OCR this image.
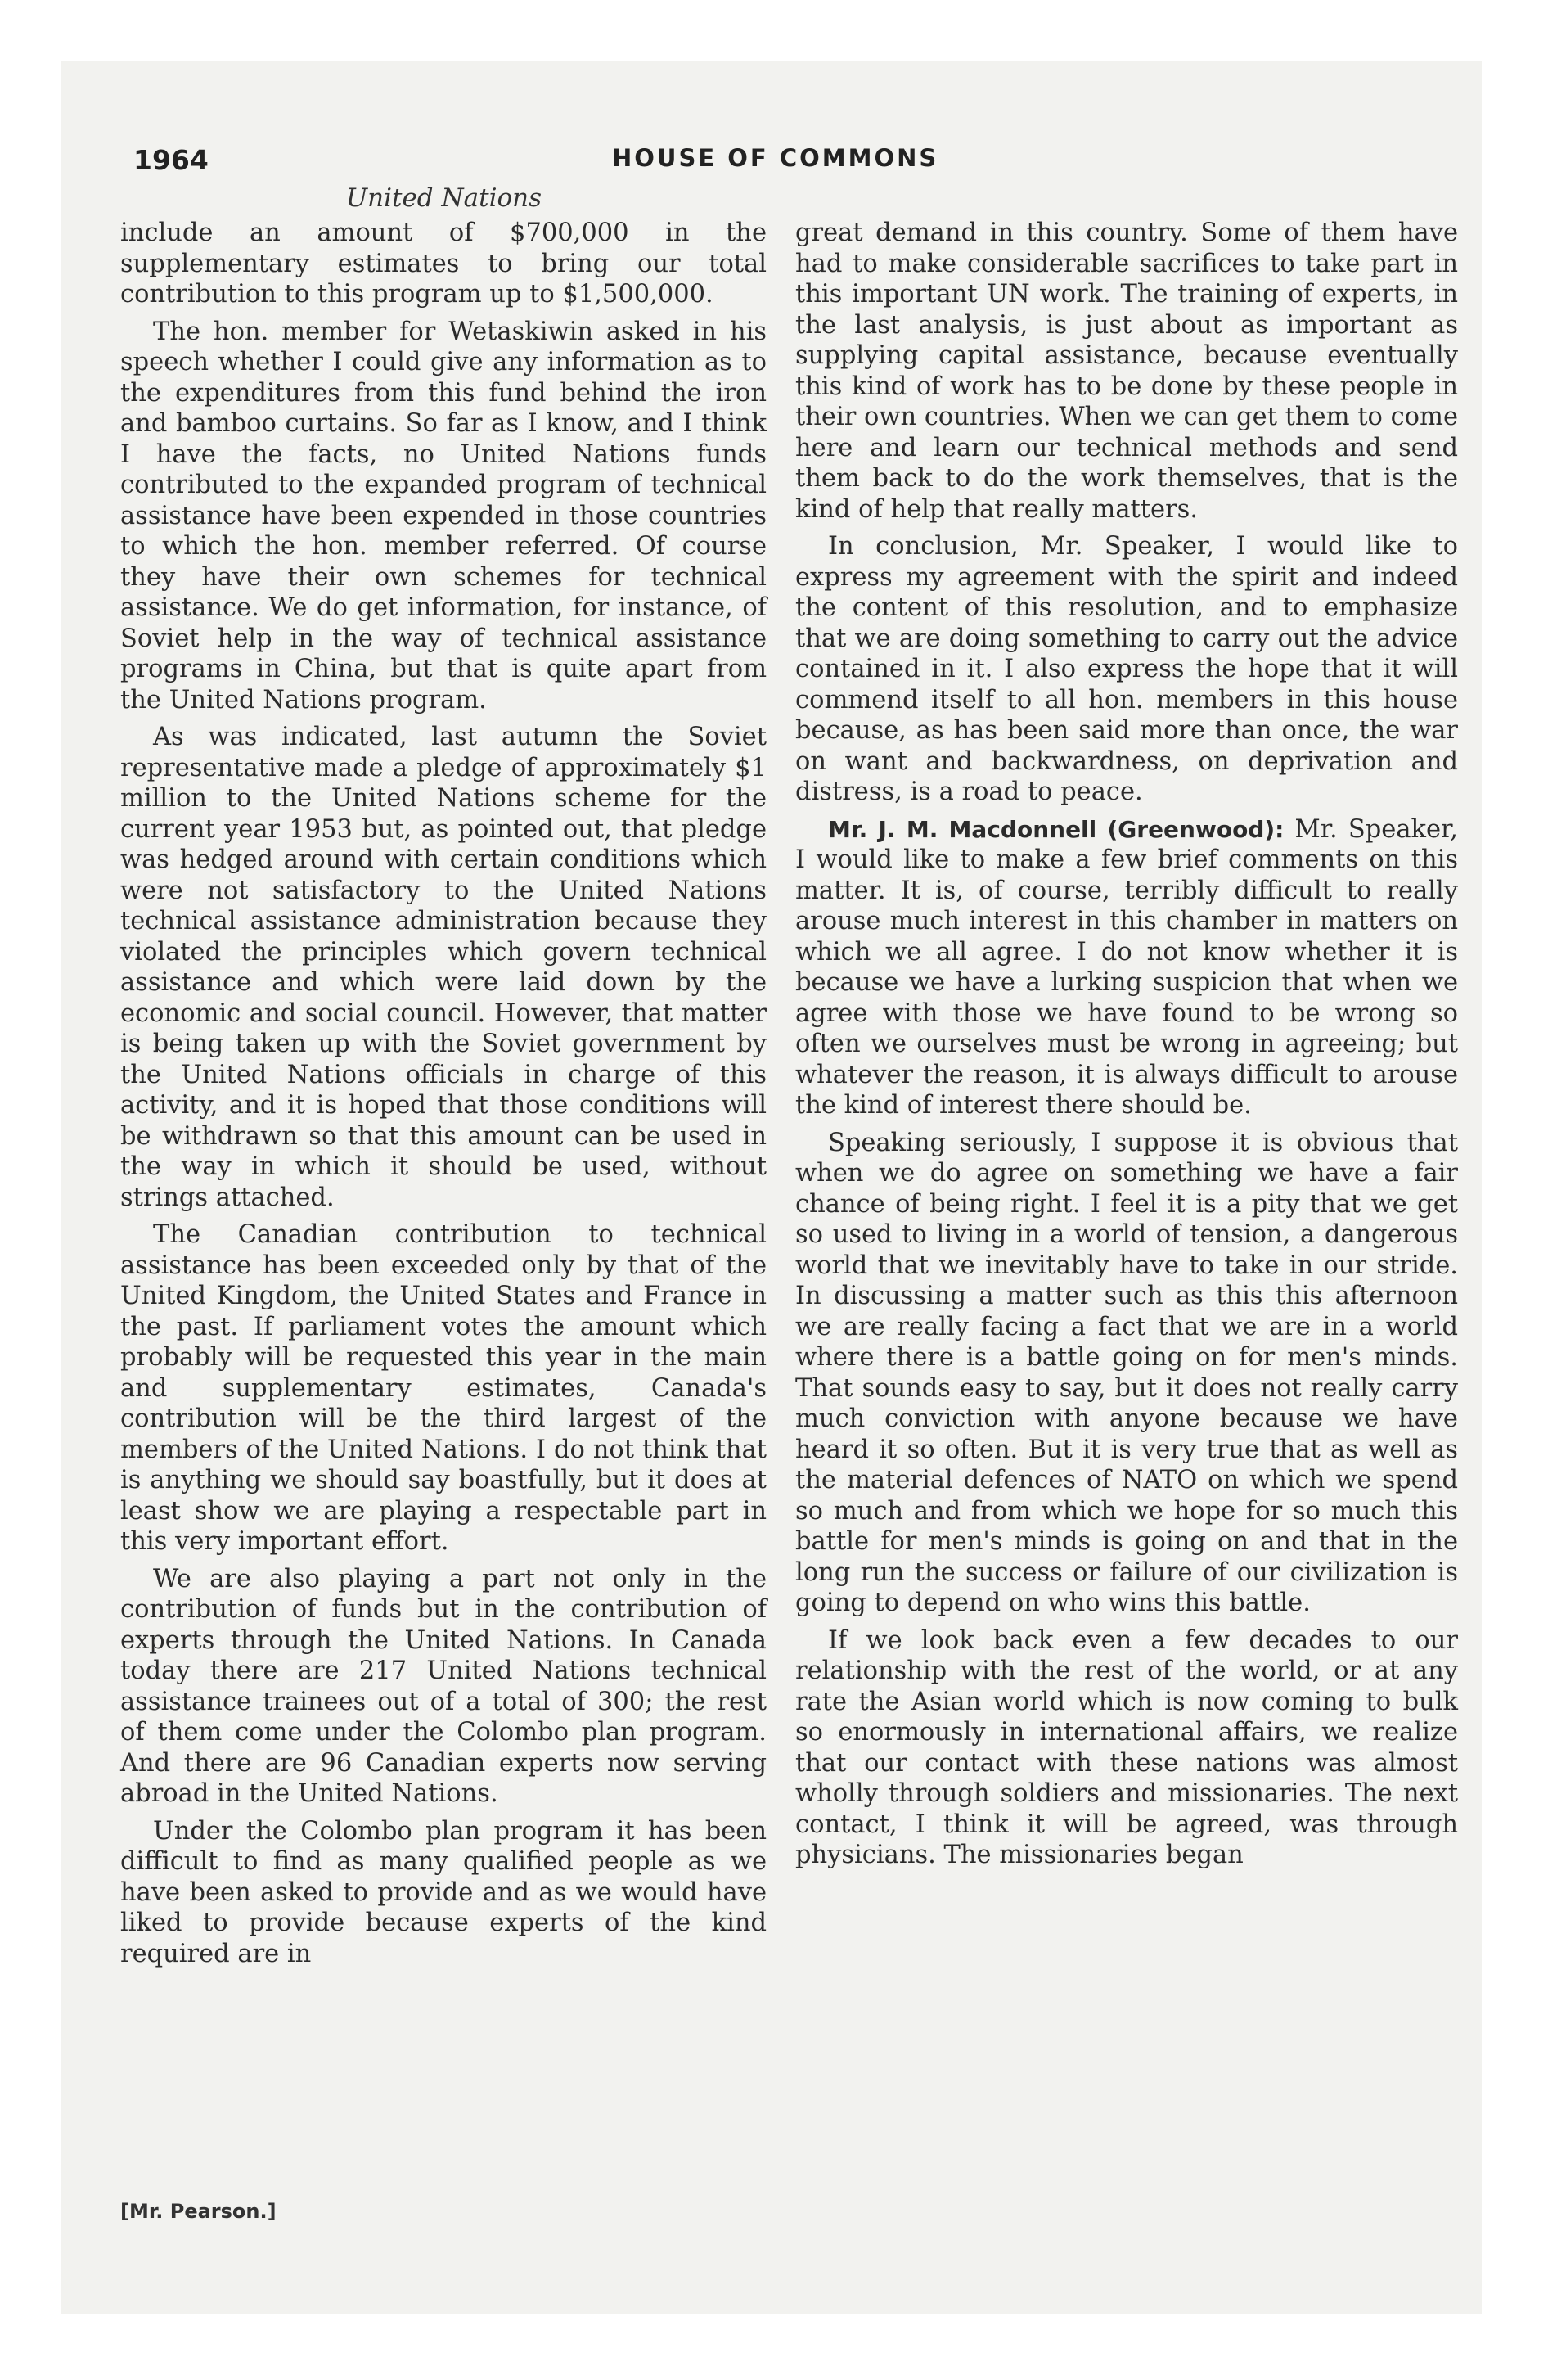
1964	HOUSE OF COMMONS
United Nations

include an amount of $700,000 in the supplementary estimates to bring our total contribution to this program up to $1,500,000.

The hon. member for Wetaskiwin asked in his speech whether I could give any information as to the expenditures from this fund behind the iron and bamboo curtains. So far as I know, and I think I have the facts, no United Nations funds contributed to the expanded program of technical assistance have been expended in those countries to which the hon. member referred. Of course they have their own schemes for technical assistance. We do get information, for instance, of Soviet help in the way of technical assistance programs in China, but that is quite apart from the United Nations program.

As was indicated, last autumn the Soviet representative made a pledge of approximately $1 million to the United Nations scheme for the current year 1953 but, as pointed out, that pledge was hedged around with certain conditions which were not satisfactory to the United Nations technical assistance administration because they violated the principles which govern technical assistance and which were laid down by the economic and social council. However, that matter is being taken up with the Soviet government by the United Nations officials in charge of this activity, and it is hoped that those conditions will be withdrawn so that this amount can be used in the way in which it should be used, without strings attached.

The Canadian contribution to technical assistance has been exceeded only by that of the United Kingdom, the United States and France in the past. If parliament votes the amount which probably will be requested this year in the main and supplementary estimates, Canada's contribution will be the third largest of the members of the United Nations. I do not think that is anything we should say boastfully, but it does at least show we are playing a respectable part in this very important effort.

We are also playing a part not only in the contribution of funds but in the contribution of experts through the United Nations. In Canada today there are 217 United Nations technical assistance trainees out of a total of 300; the rest of them come under the Colombo plan program. And there are 96 Canadian experts now serving abroad in the United Nations.

Under the Colombo plan program it has been difficult to find as many qualified people as we have been asked to provide and as we would have liked to provide because experts of the kind required are in

great demand in this country. Some of them have had to make considerable sacrifices to take part in this important UN work. The training of experts, in the last analysis, is just about as important as supplying capital assistance, because eventually this kind of work has to be done by these people in their own countries. When we can get them to come here and learn our technical methods and send them back to do the work themselves, that is the kind of help that really matters.

In conclusion, Mr. Speaker, I would like to express my agreement with the spirit and indeed the content of this resolution, and to emphasize that we are doing something to carry out the advice contained in it. I also express the hope that it will commend itself to all hon. members in this house because, as has been said more than once, the war on want and backwardness, on deprivation and distress, is a road to peace.

Mr. J. M. Macdonnell (Greenwood): Mr. Speaker, I would like to make a few brief comments on this matter. It is, of course, terribly difficult to really arouse much interest in this chamber in matters on which we all agree. I do not know whether it is because we have a lurking suspicion that when we agree with those we have found to be wrong so often we ourselves must be wrong in agreeing; but whatever the reason, it is always difficult to arouse the kind of interest there should be.

Speaking seriously, I suppose it is obvious that when we do agree on something we have a fair chance of being right. I feel it is a pity that we get so used to living in a world of tension, a dangerous world that we inevitably have to take in our stride. In discussing a matter such as this this afternoon we are really facing a fact that we are in a world where there is a battle going on for men's minds. That sounds easy to say, but it does not really carry much conviction with anyone because we have heard it so often. But it is very true that as well as the material defences of NATO on which we spend so much and from which we hope for so much this battle for men's minds is going on and that in the long run the success or failure of our civilization is going to depend on who wins this battle.

If we look back even a few decades to our relationship with the rest of the world, or at any rate the Asian world which is now coming to bulk so enormously in international affairs, we realize that our contact with these nations was almost wholly through soldiers and missionaries. The next contact, I think it will be agreed, was through physicians. The missionaries began

[Mr. Pearson.]
